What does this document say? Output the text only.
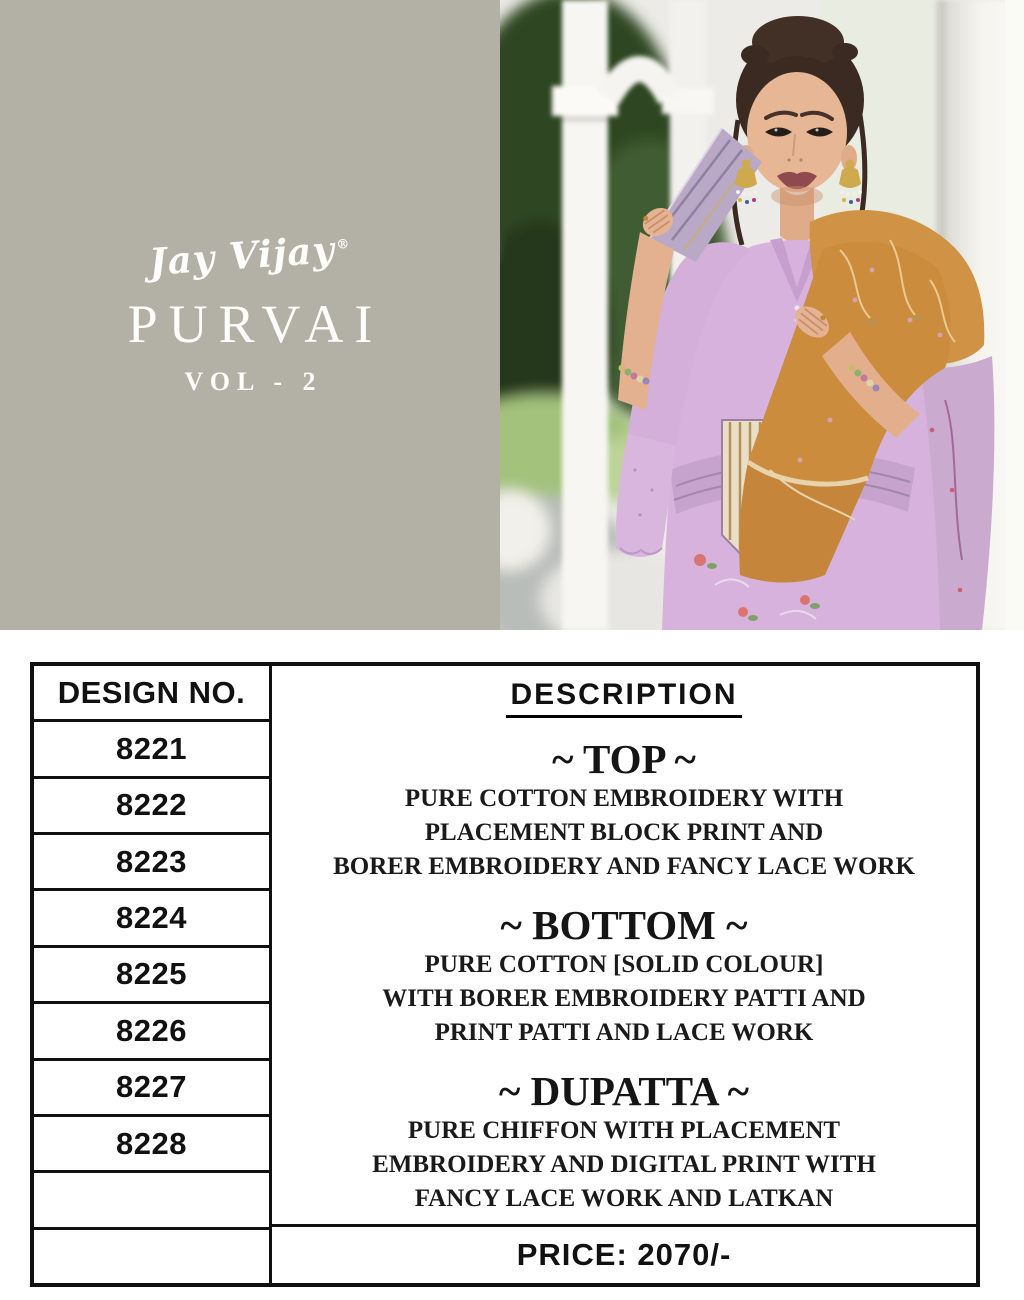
Jay Vijay®
PURVAI
VOL - 2
DESIGN NO.
8221
8222
8223
8224
8225
8226
8227
8228
DESCRIPTION
~ TOP ~
PURE COTTON EMBROIDERY WITH
PLACEMENT BLOCK PRINT AND
BORER EMBROIDERY AND FANCY LACE WORK
~ BOTTOM ~
PURE COTTON [SOLID COLOUR]
WITH BORER EMBROIDERY PATTI AND
PRINT PATTI AND LACE WORK
~ DUPATTA ~
PURE CHIFFON WITH PLACEMENT
EMBROIDERY AND DIGITAL PRINT WITH
FANCY LACE WORK AND LATKAN
PRICE: 2070/-
